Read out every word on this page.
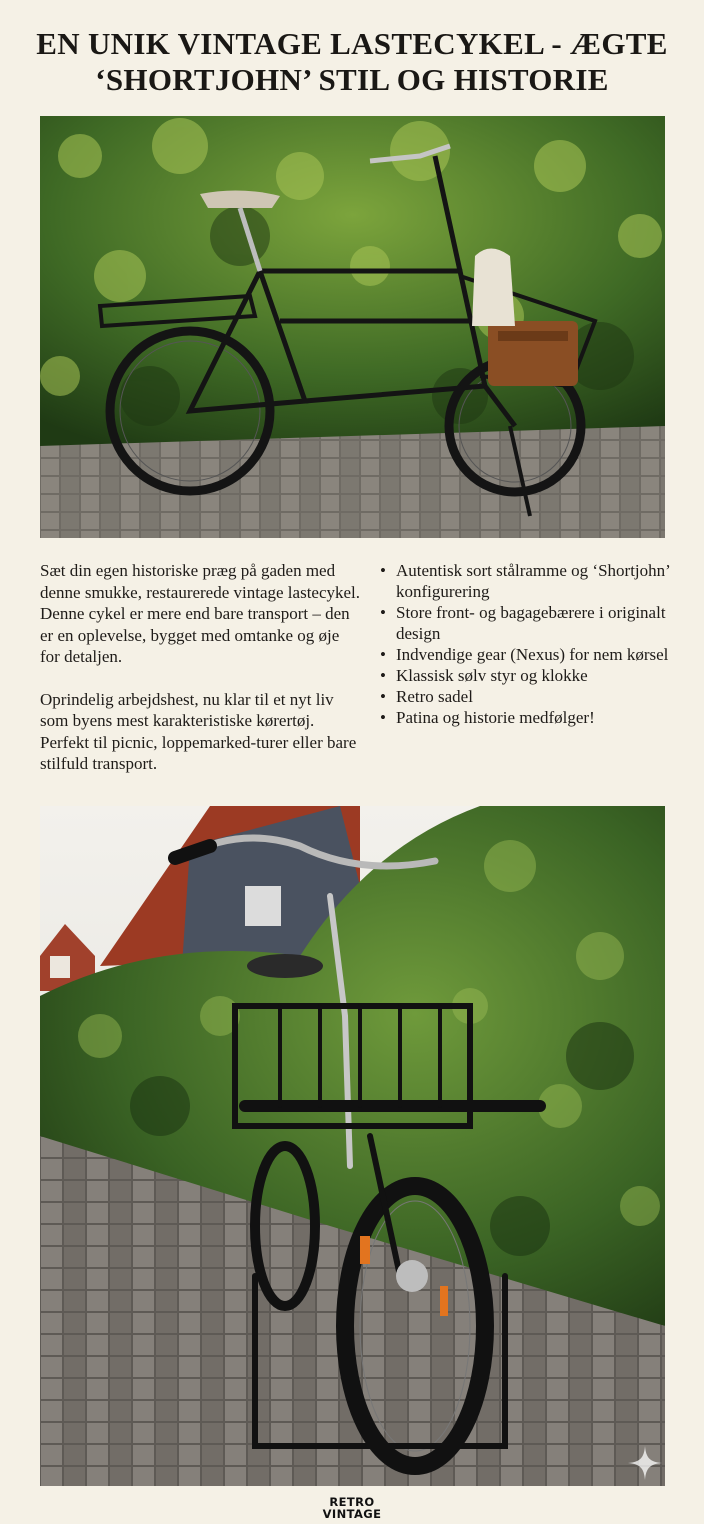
EN UNIK VINTAGE LASTECYKEL - ÆGTE
‘SHORTJOHN’ STIL OG HISTORIE

Sæt din egen historiske præg på gaden med denne smukke, restaurerede vintage lastecykel. Denne cykel er mere end bare transport – den er en oplevelse, bygget med omtanke og øje for detaljen.

Oprindelig arbejdshest, nu klar til et nyt liv som byens mest karakteristiske kørertøj. Perfekt til picnic, loppemarked-turer eller bare stilfuld transport.

• Autentisk sort stålramme og ‘Shortjohn’ konfigurering
• Store front- og bagagebærere i originalt design
• Indvendige gear (Nexus) for nem kørsel
• Klassisk sølv styr og klokke
• Retro sadel
• Patina og historie medfølger!
RETRO
VINTAGE
